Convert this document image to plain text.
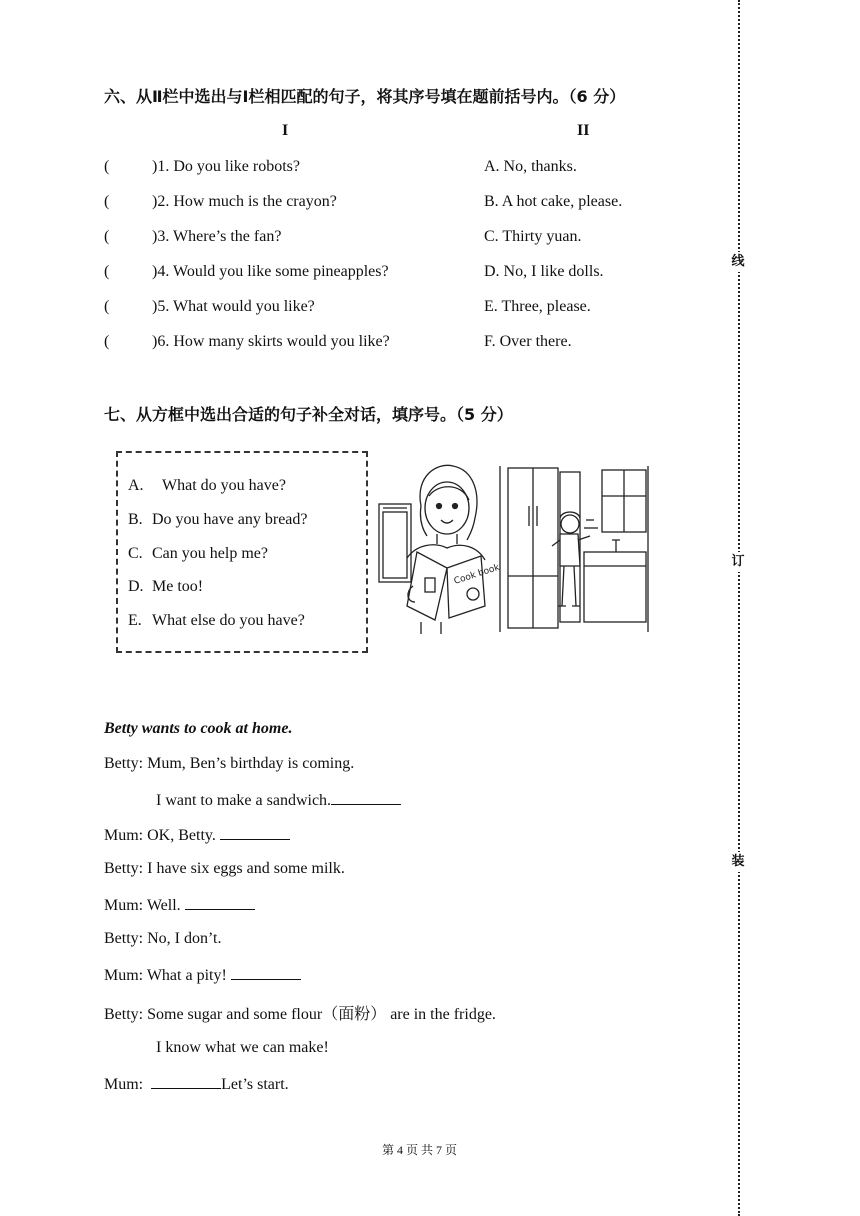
六、从Ⅱ栏中选出与Ⅰ栏相匹配的句子，将其序号填在题前括号内。（6 分）
I	II
(	)1. Do you like robots?	A. No, thanks.
(	)2. How much is the crayon?	B. A hot cake, please.
(	)3. Where’s the fan?	C. Thirty yuan.
(	)4. Would you like some pineapples?	D. No, I like dolls.
(	)5. What would you like?	E. Three, please.
(	)6. How many skirts would you like?	F. Over there.
七、从方框中选出合适的句子补全对话，填序号。（5 分）
A. What do you have?
B. Do you have any bread?
C. Can you help me?
D. Me too!
E. What else do you have?
Cook book
Betty wants to cook at home.
Betty: Mum, Ben’s birthday is coming.
I want to make a sandwich.
Mum: OK, Betty.
Betty: I have six eggs and some milk.
Mum: Well.
Betty: No, I don’t.
Mum: What a pity!
Betty: Some sugar and some flour（面粉） are in the fridge.
I know what we can make!
Mum:	Let’s start.
第 4 页 共 7 页
线
订
装
